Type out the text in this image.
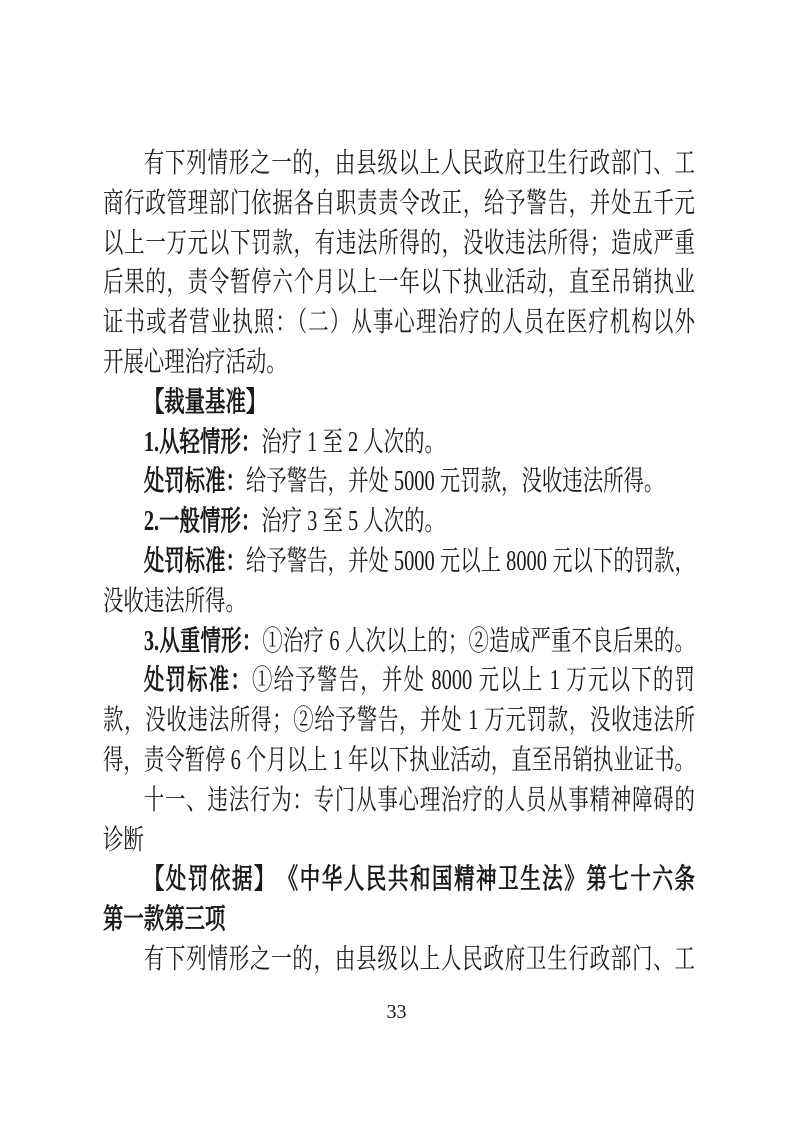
有下列情形之一的，由县级以上人民政府卫生行政部门、工
商行政管理部门依据各自职责责令改正，给予警告，并处五千元
以上一万元以下罚款，有违法所得的，没收违法所得；造成严重
后果的，责令暂停六个月以上一年以下执业活动，直至吊销执业
证书或者营业执照：（二）从事心理治疗的人员在医疗机构以外
开展心理治疗活动。
【裁量基准】
1.从轻情形：治疗 1 至 2 人次的。
处罚标准：给予警告，并处 5000 元罚款，没收违法所得。
2.一般情形：治疗 3 至 5 人次的。
处罚标准：给予警告，并处 5000 元以上 8000 元以下的罚款，
没收违法所得。
3.从重情形：①治疗 6 人次以上的；②造成严重不良后果的。
处罚标准：①给予警告，并处 8000 元以上 1 万元以下的罚
款，没收违法所得；②给予警告，并处 1 万元罚款，没收违法所
得，责令暂停 6 个月以上 1 年以下执业活动，直至吊销执业证书。
十一、违法行为：专门从事心理治疗的人员从事精神障碍的
诊断
【处罚依据】　《中华人民共和国精神卫生法》第七十六条
第一款第三项
有下列情形之一的，由县级以上人民政府卫生行政部门、工
33
